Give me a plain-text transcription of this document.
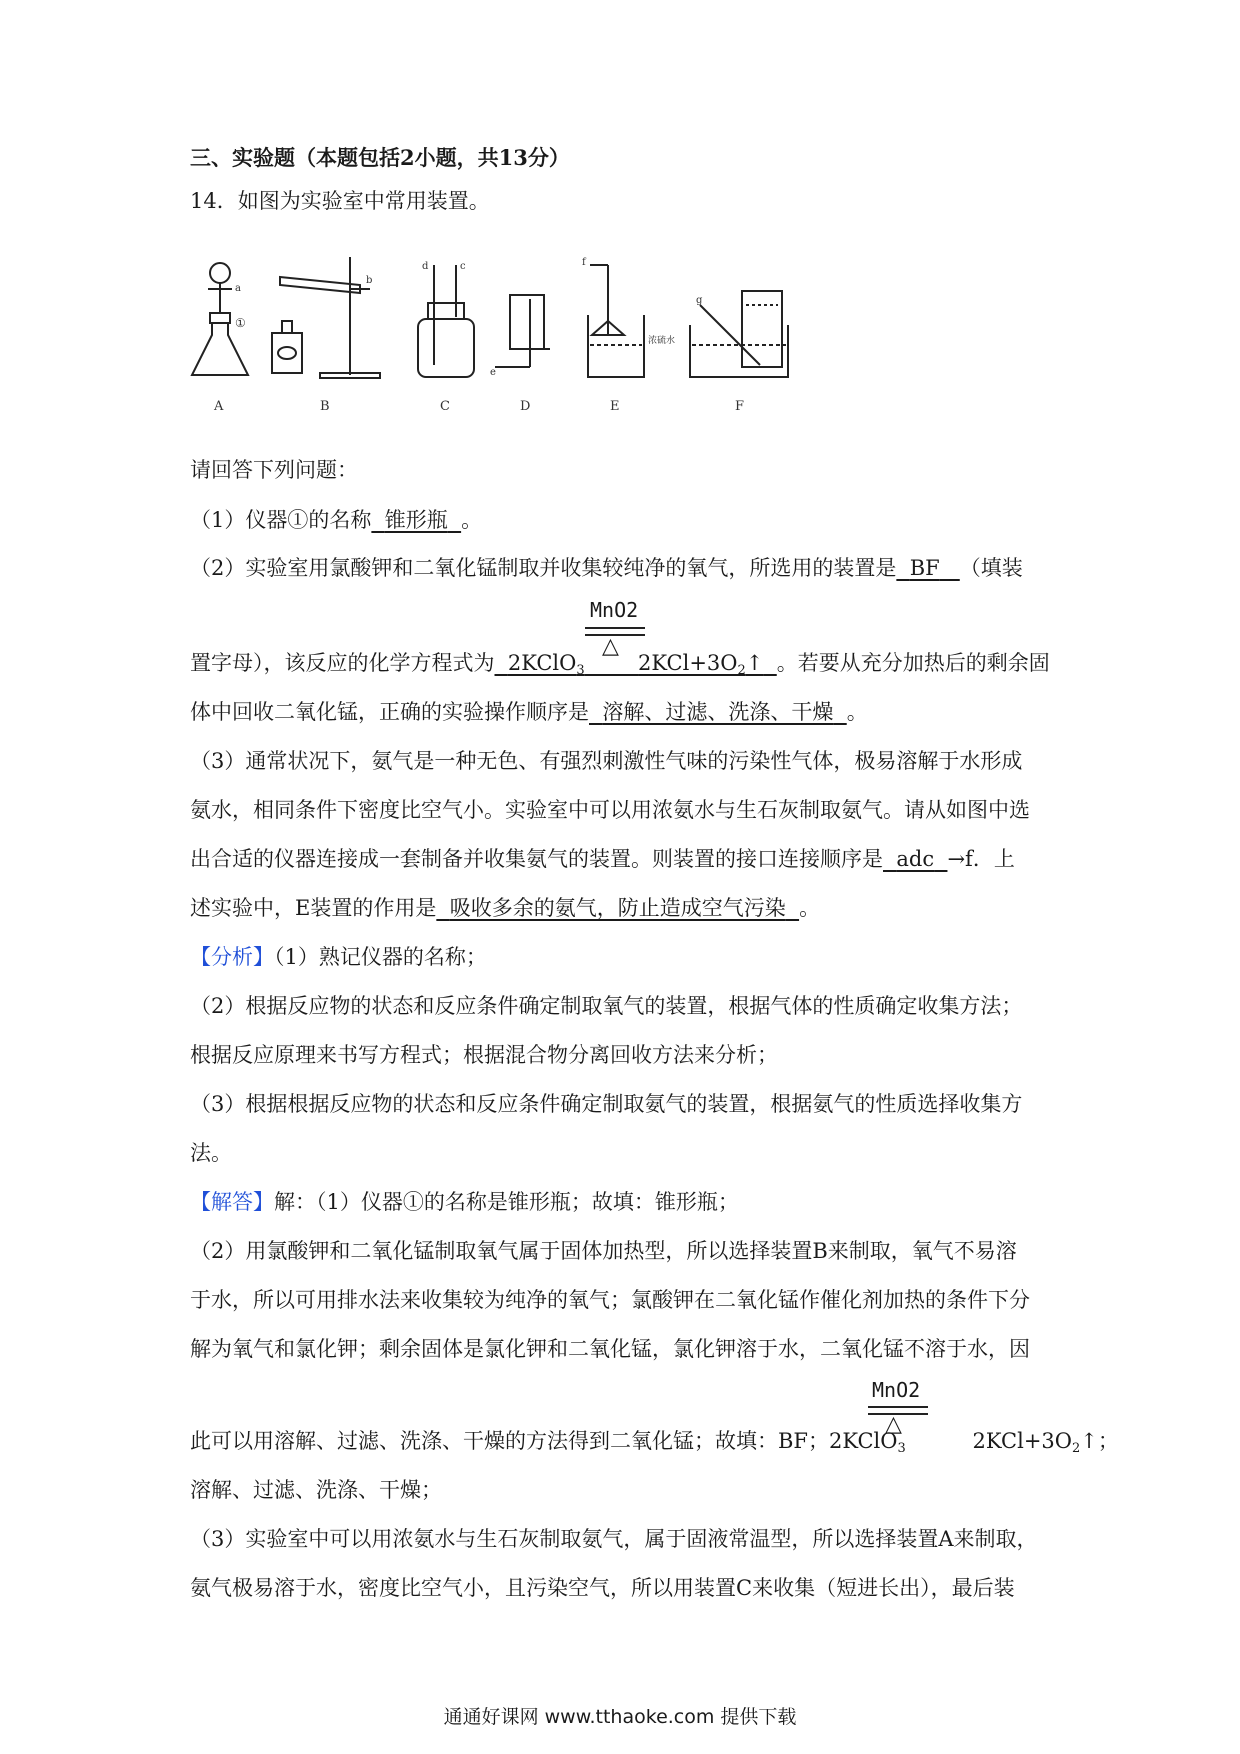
三、实验题（本题包括2小题，共13分）
14．如图为实验室中常用装置。
a
①
b
d	c
e
f
浓硫水
g
A	B	C	D	E	F
请回答下列问题：
（1）仪器①的名称 锥形瓶 。
（2）实验室用氯酸钾和二氧化锰制取并收集较纯净的氧气，所选用的装置是 BF （填装
MnO2
△
置字母），该反应的化学方程式为 2KClO$_3$	$2KCl+3O_2↑$ 。若要从充分加热后的剩余固
体中回收二氧化锰，正确的实验操作顺序是 溶解、过滤、洗涤、干燥 。
（3）通常状况下，氨气是一种无色、有强烈刺激性气味的污染性气体，极易溶解于水形成
氨水，相同条件下密度比空气小。实验室中可以用浓氨水与生石灰制取氨气。请从如图中选
出合适的仪器连接成一套制备并收集氨气的装置。则装置的接口连接顺序是 adc →f．上
述实验中，E装置的作用是 吸收多余的氨气，防止造成空气污染 。
【分析】（1）熟记仪器的名称；
（2）根据反应物的状态和反应条件确定制取氧气的装置，根据气体的性质确定收集方法；
根据反应原理来书写方程式；根据混合物分离回收方法来分析；
（3）根据根据反应物的状态和反应条件确定制取氨气的装置，根据氨气的性质选择收集方
法。
【解答】解：（1）仪器①的名称是锥形瓶；故填：锥形瓶；
（2）用氯酸钾和二氧化锰制取氧气属于固体加热型，所以选择装置B来制取，氧气不易溶
于水，所以可用排水法来收集较为纯净的氧气；氯酸钾在二氧化锰作催化剂加热的条件下分
解为氧气和氯化钾；剩余固体是氯化钾和二氧化锰，氯化钾溶于水，二氧化锰不溶于水，因
MnO2
△
此可以用溶解、过滤、洗涤、干燥的方法得到二氧化锰；故填：BF；2KClO$_3$	$2KCl+3O_2↑$；
溶解、过滤、洗涤、干燥；
（3）实验室中可以用浓氨水与生石灰制取氨气，属于固液常温型，所以选择装置A来制取，
氨气极易溶于水，密度比空气小，且污染空气，所以用装置C来收集（短进长出），最后装
通通好课网 www.tthaoke.com 提供下载
